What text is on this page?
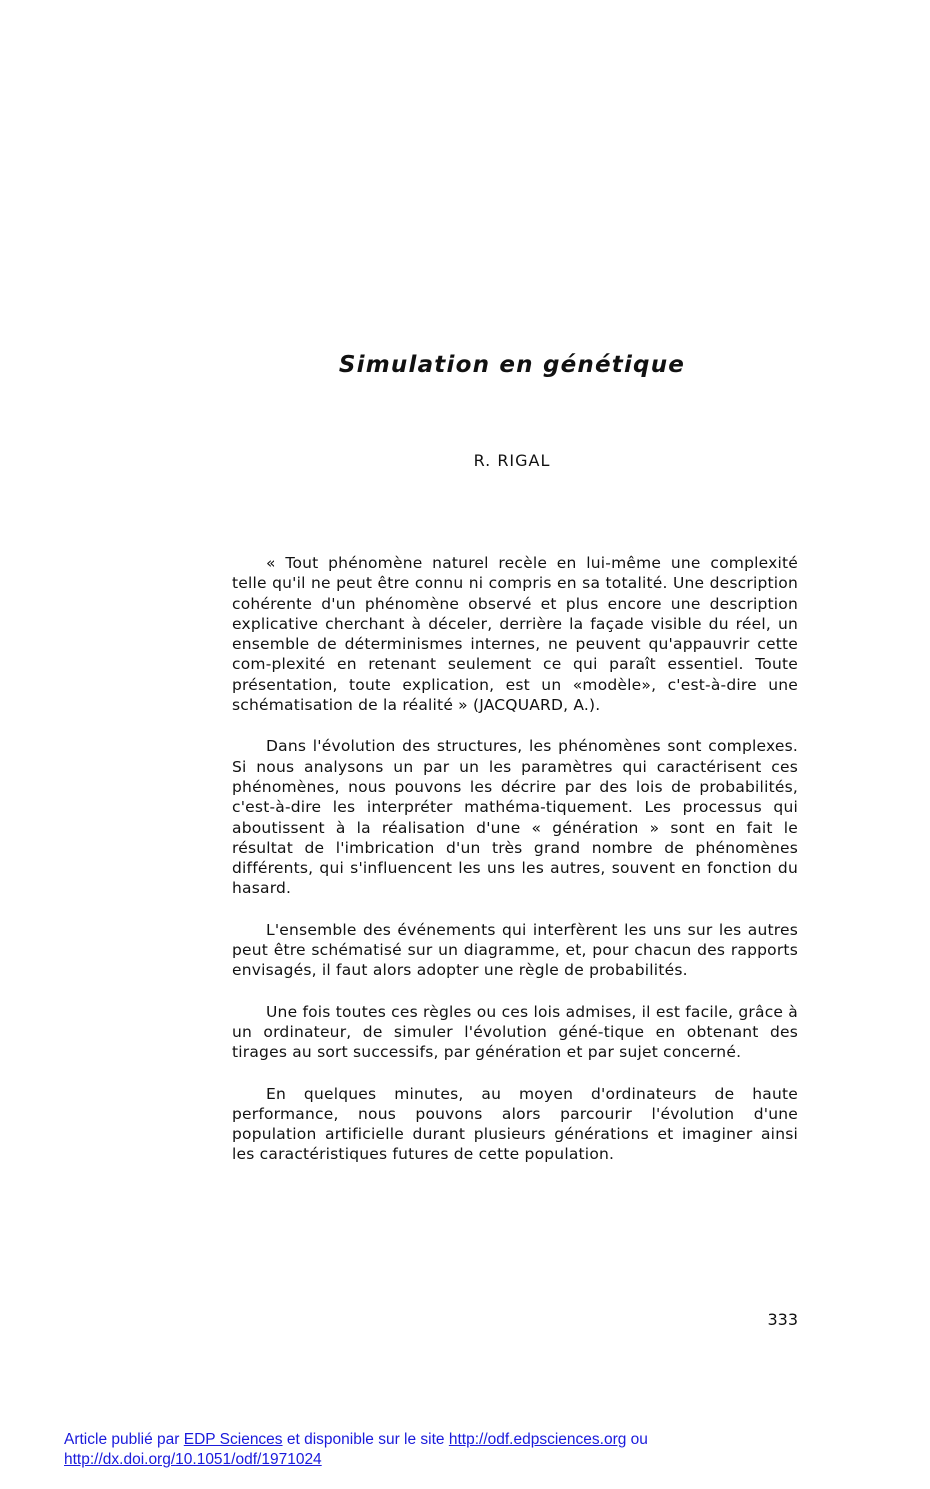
Simulation en génétique
R. RIGAL

« Tout phénomène naturel recèle en lui-même une complexité telle qu'il ne peut être connu ni compris en sa totalité. Une description cohérente d'un phénomène observé et plus encore une description explicative cherchant à déceler, derrière la façade visible du réel, un ensemble de déterminismes internes, ne peuvent qu'appauvrir cette com-plexité en retenant seulement ce qui paraît essentiel. Toute présentation, toute explication, est un «modèle», c'est-à-dire une schématisation de la réalité » (JACQUARD, A.).

Dans l'évolution des structures, les phénomènes sont complexes. Si nous analysons un par un les paramètres qui caractérisent ces phénomènes, nous pouvons les décrire par des lois de probabilités, c'est-à-dire les interpréter mathéma-tiquement. Les processus qui aboutissent à la réalisation d'une « génération » sont en fait le résultat de l'imbrication d'un très grand nombre de phénomènes différents, qui s'influencent les uns les autres, souvent en fonction du hasard.

L'ensemble des événements qui interfèrent les uns sur les autres peut être schématisé sur un diagramme, et, pour chacun des rapports envisagés, il faut alors adopter une règle de probabilités.

Une fois toutes ces règles ou ces lois admises, il est facile, grâce à un ordinateur, de simuler l'évolution géné-tique en obtenant des tirages au sort successifs, par génération et par sujet concerné.

En quelques minutes, au moyen d'ordinateurs de haute performance, nous pouvons alors parcourir l'évolution d'une population artificielle durant plusieurs générations et imaginer ainsi les caractéristiques futures de cette population.

333
Article publié par EDP Sciences et disponible sur le site http://odf.edpsciences.org ou
http://dx.doi.org/10.1051/odf/1971024
